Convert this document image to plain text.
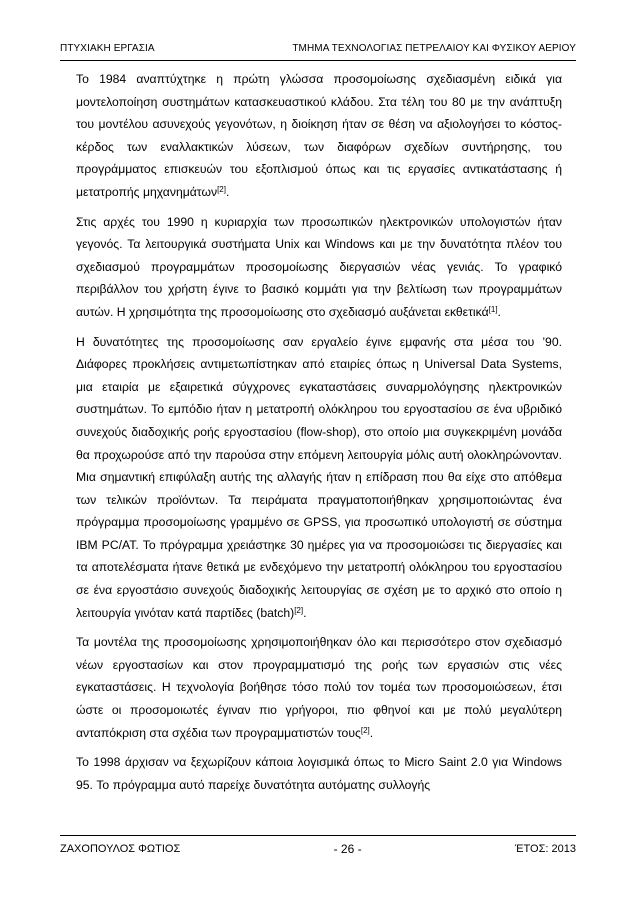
ΠΤΥΧΙΑΚΗ ΕΡΓΑΣΙΑ	ΤΜΗΜΑ ΤΕΧΝΟΛΟΓΙΑΣ ΠΕΤΡΕΛΑΙΟΥ ΚΑΙ ΦΥΣΙΚΟΥ ΑΕΡΙΟΥ

Το 1984 αναπτύχτηκε η πρώτη γλώσσα προσομοίωσης σχεδιασμένη ειδικά για μοντελοποίηση συστημάτων κατασκευαστικού κλάδου. Στα τέλη του 80 με την ανάπτυξη του μοντέλου ασυνεχούς γεγονότων, η διοίκηση ήταν σε θέση να αξιολογήσει το κόστος-κέρδος των εναλλακτικών λύσεων, των διαφόρων σχεδίων συντήρησης, του προγράμματος επισκευών του εξοπλισμού όπως και τις εργασίες αντικατάστασης ή μετατροπής μηχανημάτων[2].

Στις αρχές του 1990 η κυριαρχία των προσωπικών ηλεκτρονικών υπολογιστών ήταν γεγονός. Τα λειτουργικά συστήματα Unix και Windows και με την δυνατότητα πλέον του σχεδιασμού προγραμμάτων προσομοίωσης διεργασιών νέας γενιάς. Το γραφικό περιβάλλον του χρήστη έγινε το βασικό κομμάτι για την βελτίωση των προγραμμάτων αυτών. Η χρησιμότητα της προσομοίωσης στο σχεδιασμό αυξάνεται εκθετικά[1].

Η δυνατότητες της προσομοίωσης σαν εργαλείο έγινε εμφανής στα μέσα του ’90. Διάφορες προκλήσεις αντιμετωπίστηκαν από εταιρίες όπως η Universal Data Systems, μια εταιρία με εξαιρετικά σύγχρονες εγκαταστάσεις συναρμολόγησης ηλεκτρονικών συστημάτων. Το εμπόδιο ήταν η μετατροπή ολόκληρου του εργοστασίου σε ένα υβριδικό συνεχούς διαδοχικής ροής εργοστασίου (flow-shop), στο οποίο μια συγκεκριμένη μονάδα θα προχωρούσε από την παρούσα στην επόμενη λειτουργία μόλις αυτή ολοκληρώνονταν. Μια σημαντική επιφύλαξη αυτής της αλλαγής ήταν η επίδραση που θα είχε στο απόθεμα των τελικών προϊόντων. Τα πειράματα πραγματοποιήθηκαν χρησιμοποιώντας ένα πρόγραμμα προσομοίωσης γραμμένο σε GPSS, για προσωπικό υπολογιστή σε σύστημα IBM PC/AT. Το πρόγραμμα χρειάστηκε 30 ημέρες για να προσομοιώσει τις διεργασίες και τα αποτελέσματα ήτανε θετικά με ενδεχόμενο την μετατροπή ολόκληρου του εργοστασίου σε ένα εργοστάσιο συνεχούς διαδοχικής λειτουργίας σε σχέση με το αρχικό στο οποίο η λειτουργία γινόταν κατά παρτίδες (batch)[2].

Τα μοντέλα της προσομοίωσης χρησιμοποιήθηκαν όλο και περισσότερο στον σχεδιασμό νέων εργοστασίων και στον προγραμματισμό της ροής των εργασιών στις νέες εγκαταστάσεις. Η τεχνολογία βοήθησε τόσο πολύ τον τομέα των προσομοιώσεων, έτσι ώστε οι προσομοιωτές έγιναν πιο γρήγοροι, πιο φθηνοί και με πολύ μεγαλύτερη ανταπόκριση στα σχέδια των προγραμματιστών τους[2].

Το 1998 άρχισαν να ξεχωρίζουν κάποια λογισμικά όπως το Micro Saint 2.0 για Windows 95. Το πρόγραμμα αυτό παρείχε δυνατότητα αυτόματης συλλογής

ΖΑΧΟΠΟΥΛΟΣ ΦΩΤΙΟΣ	- 26 -	ΈΤΟΣ: 2013
